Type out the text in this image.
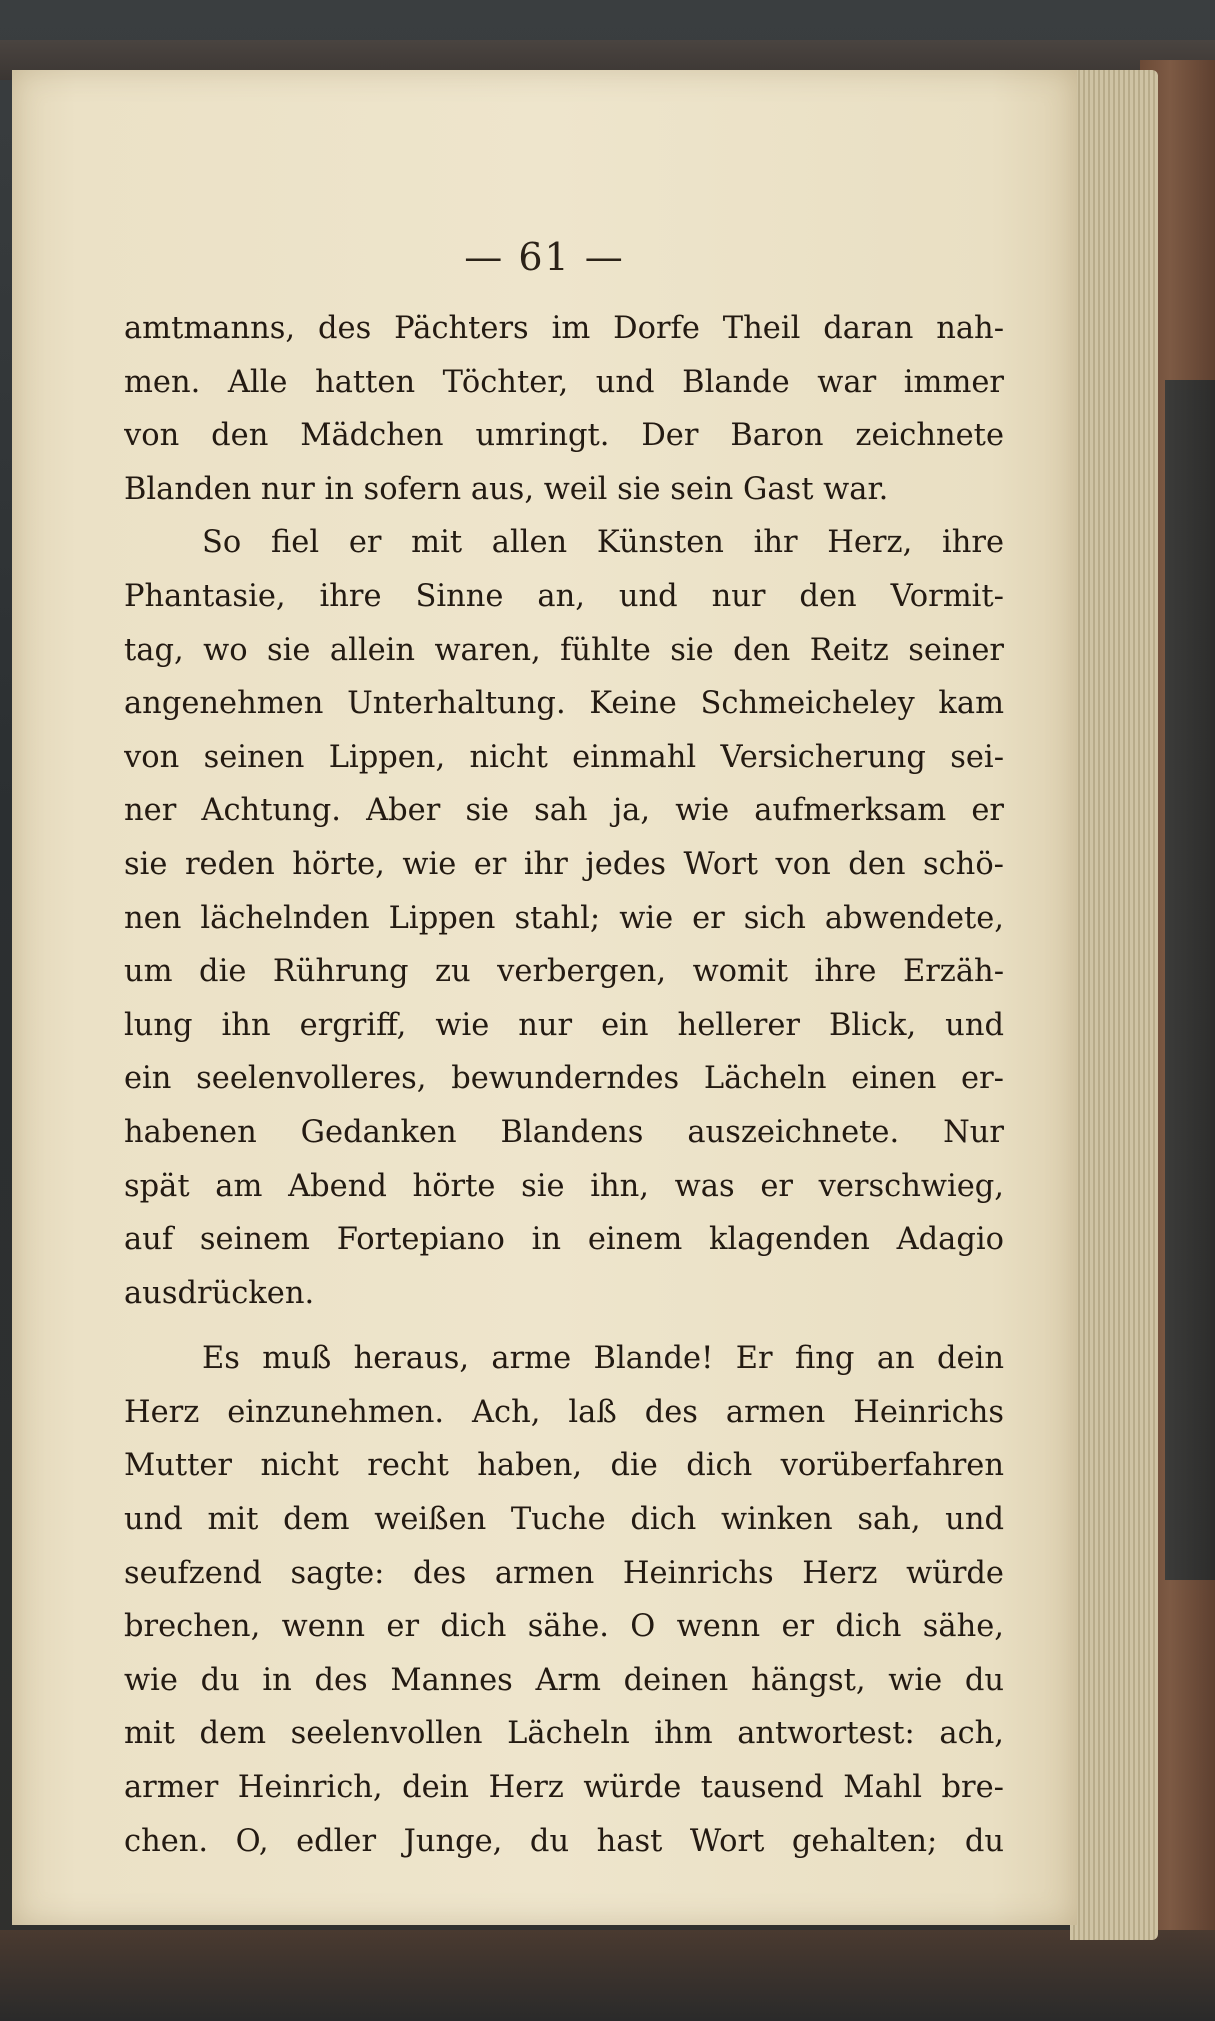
— 61 —
amtmanns, des Pächters im Dorfe Theil daran nah-
men. Alle hatten Töchter, und Blande war immer
von den Mädchen umringt. Der Baron zeichnete
Blanden nur in sofern aus, weil sie sein Gast war.
So fiel er mit allen Künsten ihr Herz, ihre
Phantasie, ihre Sinne an, und nur den Vormit-
tag, wo sie allein waren, fühlte sie den Reitz seiner
angenehmen Unterhaltung. Keine Schmeicheley kam
von seinen Lippen, nicht einmahl Versicherung sei-
ner Achtung. Aber sie sah ja, wie aufmerksam er
sie reden hörte, wie er ihr jedes Wort von den schö-
nen lächelnden Lippen stahl; wie er sich abwendete,
um die Rührung zu verbergen, womit ihre Erzäh-
lung ihn ergriff, wie nur ein hellerer Blick, und
ein seelenvolleres, bewunderndes Lächeln einen er-
habenen Gedanken Blandens auszeichnete. Nur
spät am Abend hörte sie ihn, was er verschwieg,
auf seinem Fortepiano in einem klagenden Adagio
ausdrücken.
Es muß heraus, arme Blande! Er fing an dein
Herz einzunehmen. Ach, laß des armen Heinrichs
Mutter nicht recht haben, die dich vorüberfahren
und mit dem weißen Tuche dich winken sah, und
seufzend sagte: des armen Heinrichs Herz würde
brechen, wenn er dich sähe. O wenn er dich sähe,
wie du in des Mannes Arm deinen hängst, wie du
mit dem seelenvollen Lächeln ihm antwortest: ach,
armer Heinrich, dein Herz würde tausend Mahl bre-
chen. O, edler Junge, du hast Wort gehalten; du
